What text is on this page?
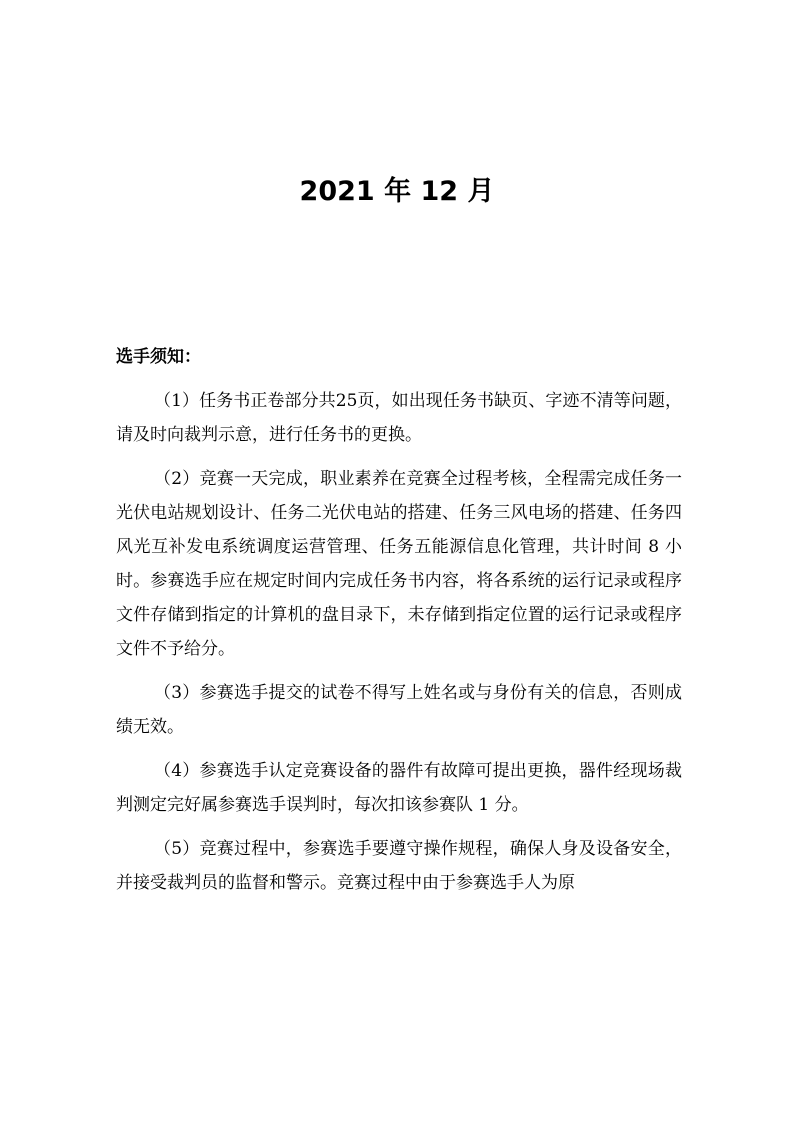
2021 年 12 月
选手须知：

（1）任务书正卷部分共25页，如出现任务书缺页、字迹不清等问题，请及时向裁判示意，进行任务书的更换。

（2）竞赛一天完成，职业素养在竞赛全过程考核，全程需完成任务一光伏电站规划设计、任务二光伏电站的搭建、任务三风电场的搭建、任务四风光互补发电系统调度运营管理、任务五能源信息化管理，共计时间 8 小时。参赛选手应在规定时间内完成任务书内容，将各系统的运行记录或程序文件存储到指定的计算机的盘目录下，未存储到指定位置的运行记录或程序文件不予给分。

（3）参赛选手提交的试卷不得写上姓名或与身份有关的信息，否则成绩无效。

（4）参赛选手认定竞赛设备的器件有故障可提出更换，器件经现场裁判测定完好属参赛选手误判时，每次扣该参赛队 1 分。

（5）竞赛过程中，参赛选手要遵守操作规程，确保人身及设备安全，并接受裁判员的监督和警示。竞赛过程中由于参赛选手人为原
